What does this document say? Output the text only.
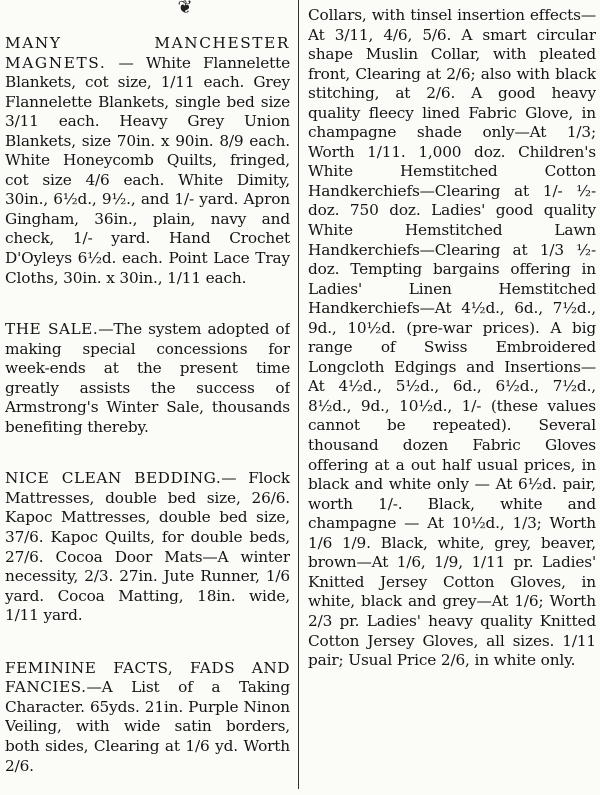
❦

MANY MANCHESTER MAGNETS. — White Flannelette Blankets, cot size, 1/11 each. Grey Flannelette Blankets, single bed size 3/11 each. Heavy Grey Union Blankets, size 70in. x 90in. 8/9 each. White Honeycomb Quilts, fringed, cot size 4/6 each. White Dimity, 30in., 6½d., 9½., and 1/- yard. Apron Gingham, 36in., plain, navy and check, 1/- yard. Hand Crochet D'Oyleys 6½d. each. Point Lace Tray Cloths, 30in. x 30in., 1/11 each.

THE SALE.—The system adopted of making special concessions for week-ends at the present time greatly assists the success of Armstrong's Winter Sale, thousands benefiting thereby.

NICE CLEAN BEDDING.— Flock Mattresses, double bed size, 26/6. Kapoc Mattresses, double bed size, 37/6. Kapoc Quilts, for double beds, 27/6. Cocoa Door Mats—A winter necessity, 2/3. 27in. Jute Runner, 1/6 yard. Cocoa Matting, 18in. wide, 1/11 yard.

FEMININE FACTS, FADS AND FANCIES.—A List of a Taking Character. 65yds. 21in. Purple Ninon Veiling, with wide satin borders, both sides, Clearing at 1/6 yd. Worth 2/6.

Collars, with tinsel insertion effects—At 3/11, 4/6, 5/6. A smart circular shape Muslin Collar, with pleated front, Clearing at 2/6; also with black stitching, at 2/6. A good heavy quality fleecy lined Fabric Glove, in champagne shade only—At 1/3; Worth 1/11. 1,000 doz. Children's White Hemstitched Cotton Handkerchiefs—Clearing at 1/- ½-doz. 750 doz. Ladies' good quality White Hemstitched Lawn Handkerchiefs—Clearing at 1/3 ½-doz. Tempting bargains offering in Ladies' Linen Hemstitched Handkerchiefs—At 4½d., 6d., 7½d., 9d., 10½d. (pre-war prices). A big range of Swiss Embroidered Longcloth Edgings and Insertions—At 4½d., 5½d., 6d., 6½d., 7½d., 8½d., 9d., 10½d., 1/- (these values cannot be repeated). Several thousand dozen Fabric Gloves offering at a out half usual prices, in black and white only — At 6½d. pair, worth 1/-. Black, white and champagne — At 10½d., 1/3; Worth 1/6 1/9. Black, white, grey, beaver, brown—At 1/6, 1/9, 1/11 pr. Ladies' Knitted Jersey Cotton Gloves, in white, black and grey—At 1/6; Worth 2/3 pr. Ladies' heavy quality Knitted Cotton Jersey Gloves, all sizes. 1/11 pair; Usual Price 2/6, in white only.
